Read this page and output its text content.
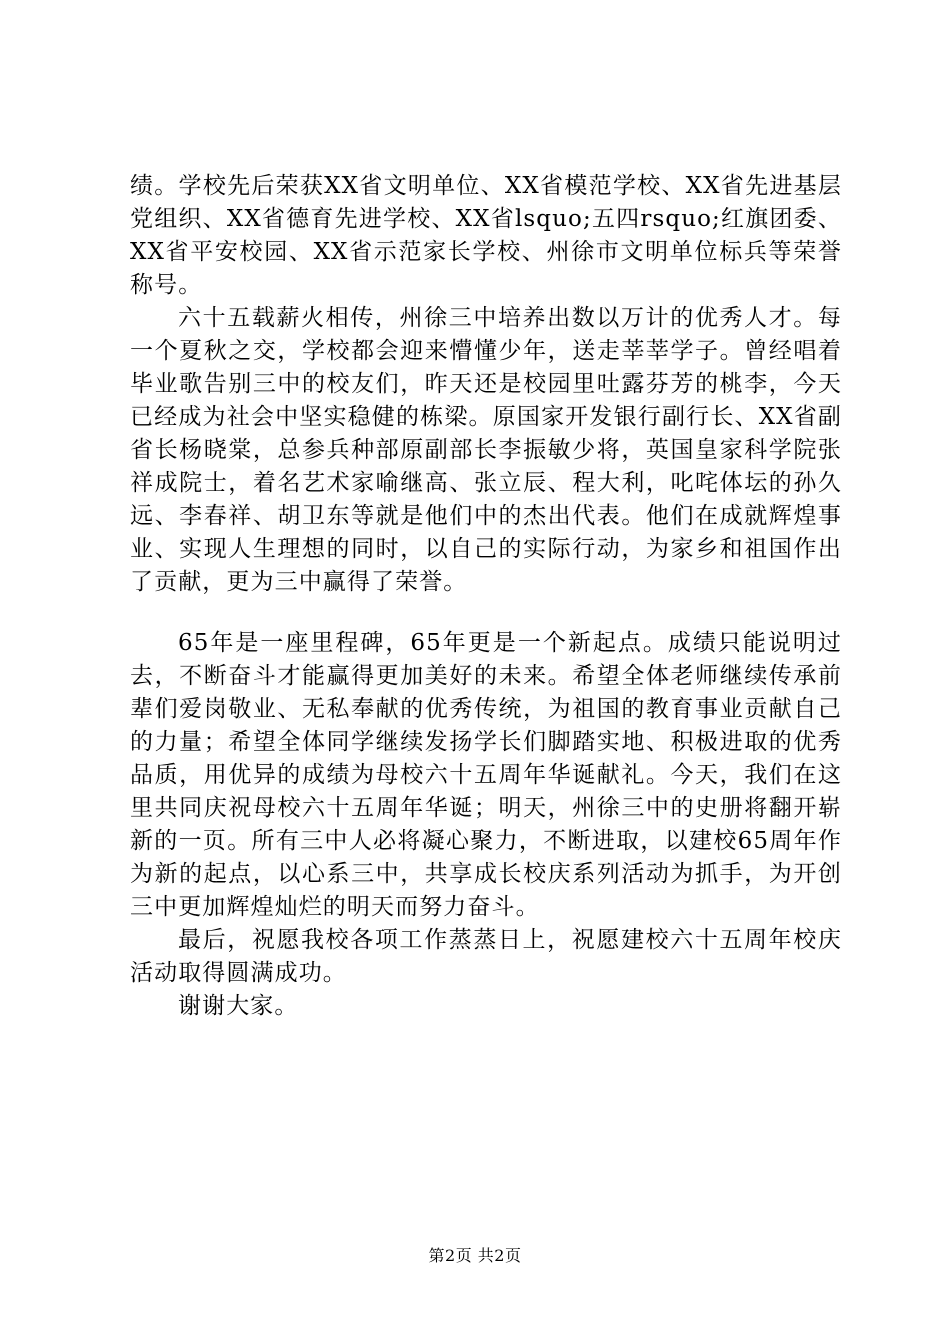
绩。学校先后荣获XX省文明单位、XX省模范学校、XX省先进基层党组织、XX省德育先进学校、XX省lsquo;五四rsquo;红旗团委、XX省平安校园、XX省示范家长学校、州徐市文明单位标兵等荣誉称号。

六十五载薪火相传，州徐三中培养出数以万计的优秀人才。每一个夏秋之交，学校都会迎来懵懂少年，送走莘莘学子。曾经唱着毕业歌告别三中的校友们，昨天还是校园里吐露芬芳的桃李，今天已经成为社会中坚实稳健的栋梁。原国家开发银行副行长、XX省副省长杨晓棠，总参兵种部原副部长李振敏少将，英国皇家科学院张祥成院士，着名艺术家喻继高、张立辰、程大利，叱咤体坛的孙久远、李春祥、胡卫东等就是他们中的杰出代表。他们在成就辉煌事业、实现人生理想的同时，以自己的实际行动，为家乡和祖国作出了贡献，更为三中赢得了荣誉。

65年是一座里程碑，65年更是一个新起点。成绩只能说明过去，不断奋斗才能赢得更加美好的未来。希望全体老师继续传承前辈们爱岗敬业、无私奉献的优秀传统，为祖国的教育事业贡献自己的力量；希望全体同学继续发扬学长们脚踏实地、积极进取的优秀品质，用优异的成绩为母校六十五周年华诞献礼。今天，我们在这里共同庆祝母校六十五周年华诞；明天，州徐三中的史册将翻开崭新的一页。所有三中人必将凝心聚力，不断进取，以建校65周年作为新的起点，以心系三中，共享成长校庆系列活动为抓手，为开创三中更加辉煌灿烂的明天而努力奋斗。

最后，祝愿我校各项工作蒸蒸日上，祝愿建校六十五周年校庆活动取得圆满成功。

谢谢大家。

第2页 共2页
